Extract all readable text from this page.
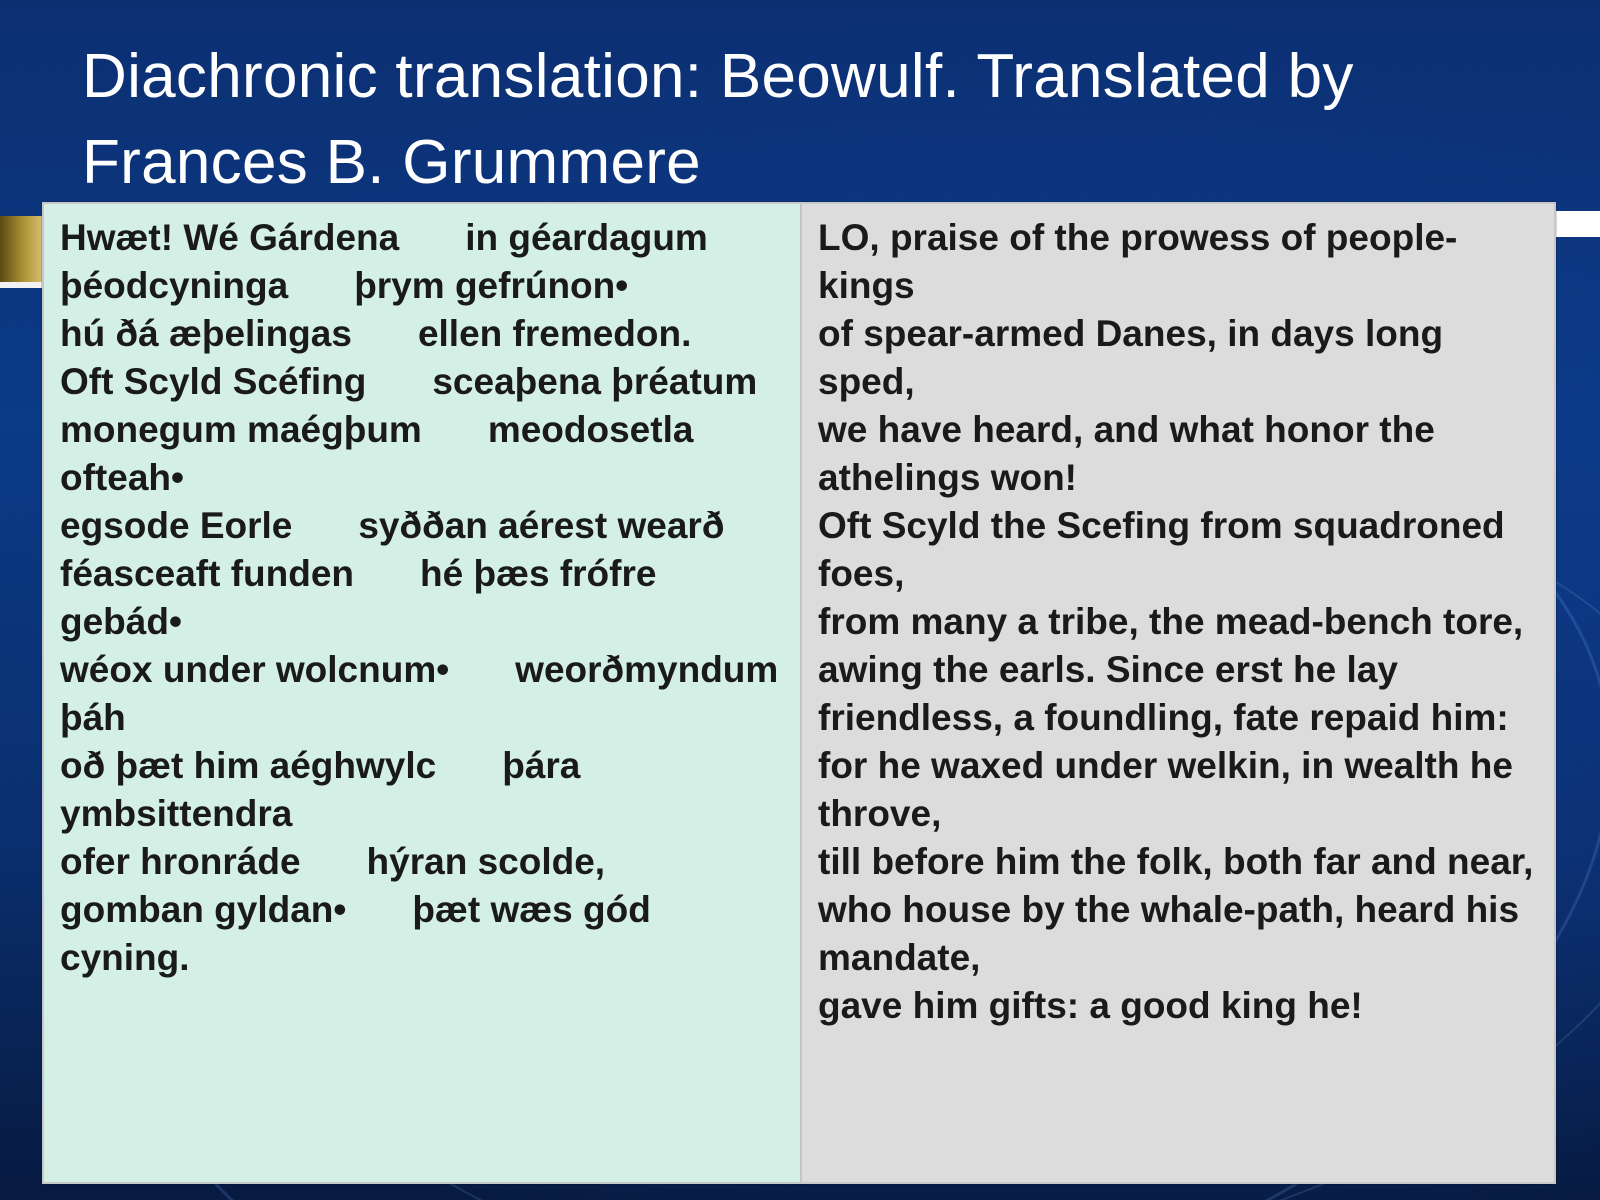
Diachronic translation: Beowulf. Translated by Frances B. Grummere
Hwæt! Wé Gárdena in géardagum
þéodcyninga þrym gefrúnon•
hú ðá æþelingas ellen fremedon.
Oft Scyld Scéfing sceaþena þréatum
monegum maégþum meodosetla ofteah•
egsode Eorle syððan aérest wearð
féasceaft funden hé þæs frófre gebád•
wéox under wolcnum• weorðmyndum þáh
oð þæt him aéghwylc þára ymbsittendra
ofer hronráde hýran scolde,
gomban gyldan• þæt wæs gód cyning.
LO, praise of the prowess of people-kings
of spear-armed Danes, in days long sped,
we have heard, and what honor the athelings won!
Oft Scyld the Scefing from squadroned foes,
from many a tribe, the mead-bench tore,
awing the earls. Since erst he lay
friendless, a foundling, fate repaid him:
for he waxed under welkin, in wealth he throve,
till before him the folk, both far and near,
who house by the whale-path, heard his mandate,
gave him gifts: a good king he!
